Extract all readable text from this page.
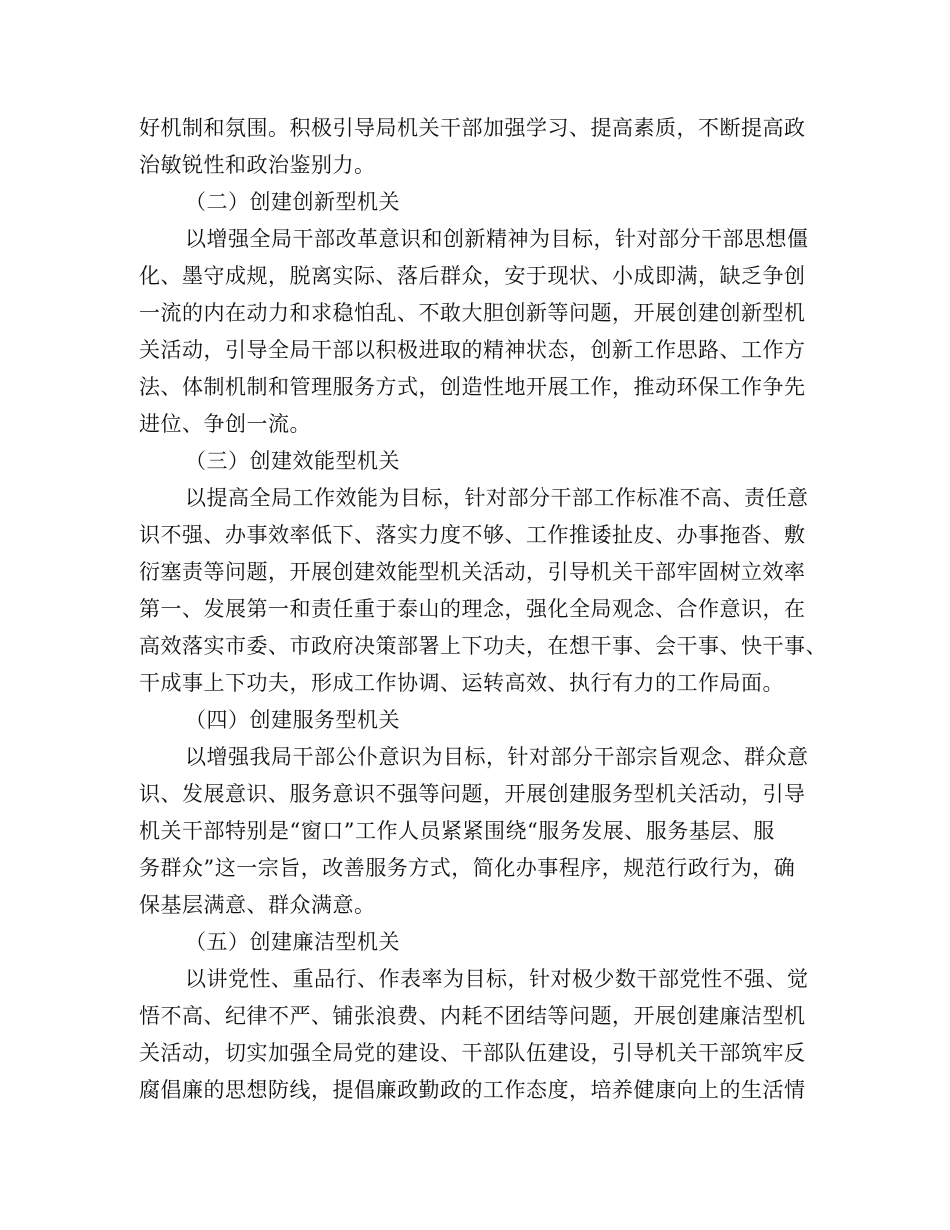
好机制和氛围。积极引导局机关干部加强学习、提高素质，不断提高政
治敏锐性和政治鉴别力。
（二）创建创新型机关
以增强全局干部改革意识和创新精神为目标，针对部分干部思想僵
化、墨守成规，脱离实际、落后群众，安于现状、小成即满，缺乏争创
一流的内在动力和求稳怕乱、不敢大胆创新等问题，开展创建创新型机
关活动，引导全局干部以积极进取的精神状态，创新工作思路、工作方
法、体制机制和管理服务方式，创造性地开展工作，推动环保工作争先
进位、争创一流。
（三）创建效能型机关
以提高全局工作效能为目标，针对部分干部工作标准不高、责任意
识不强、办事效率低下、落实力度不够、工作推诿扯皮、办事拖沓、敷
衍塞责等问题，开展创建效能型机关活动，引导机关干部牢固树立效率
第一、发展第一和责任重于泰山的理念，强化全局观念、合作意识，在
高效落实市委、市政府决策部署上下功夫，在想干事、会干事、快干事、
干成事上下功夫，形成工作协调、运转高效、执行有力的工作局面。
（四）创建服务型机关
以增强我局干部公仆意识为目标，针对部分干部宗旨观念、群众意
识、发展意识、服务意识不强等问题，开展创建服务型机关活动，引导
机关干部特别是“窗口”工作人员紧紧围绕“服务发展、服务基层、服
务群众”这一宗旨，改善服务方式，简化办事程序，规范行政行为，确
保基层满意、群众满意。
（五）创建廉洁型机关
以讲党性、重品行、作表率为目标，针对极少数干部党性不强、觉
悟不高、纪律不严、铺张浪费、内耗不团结等问题，开展创建廉洁型机
关活动，切实加强全局党的建设、干部队伍建设，引导机关干部筑牢反
腐倡廉的思想防线，提倡廉政勤政的工作态度，培养健康向上的生活情
